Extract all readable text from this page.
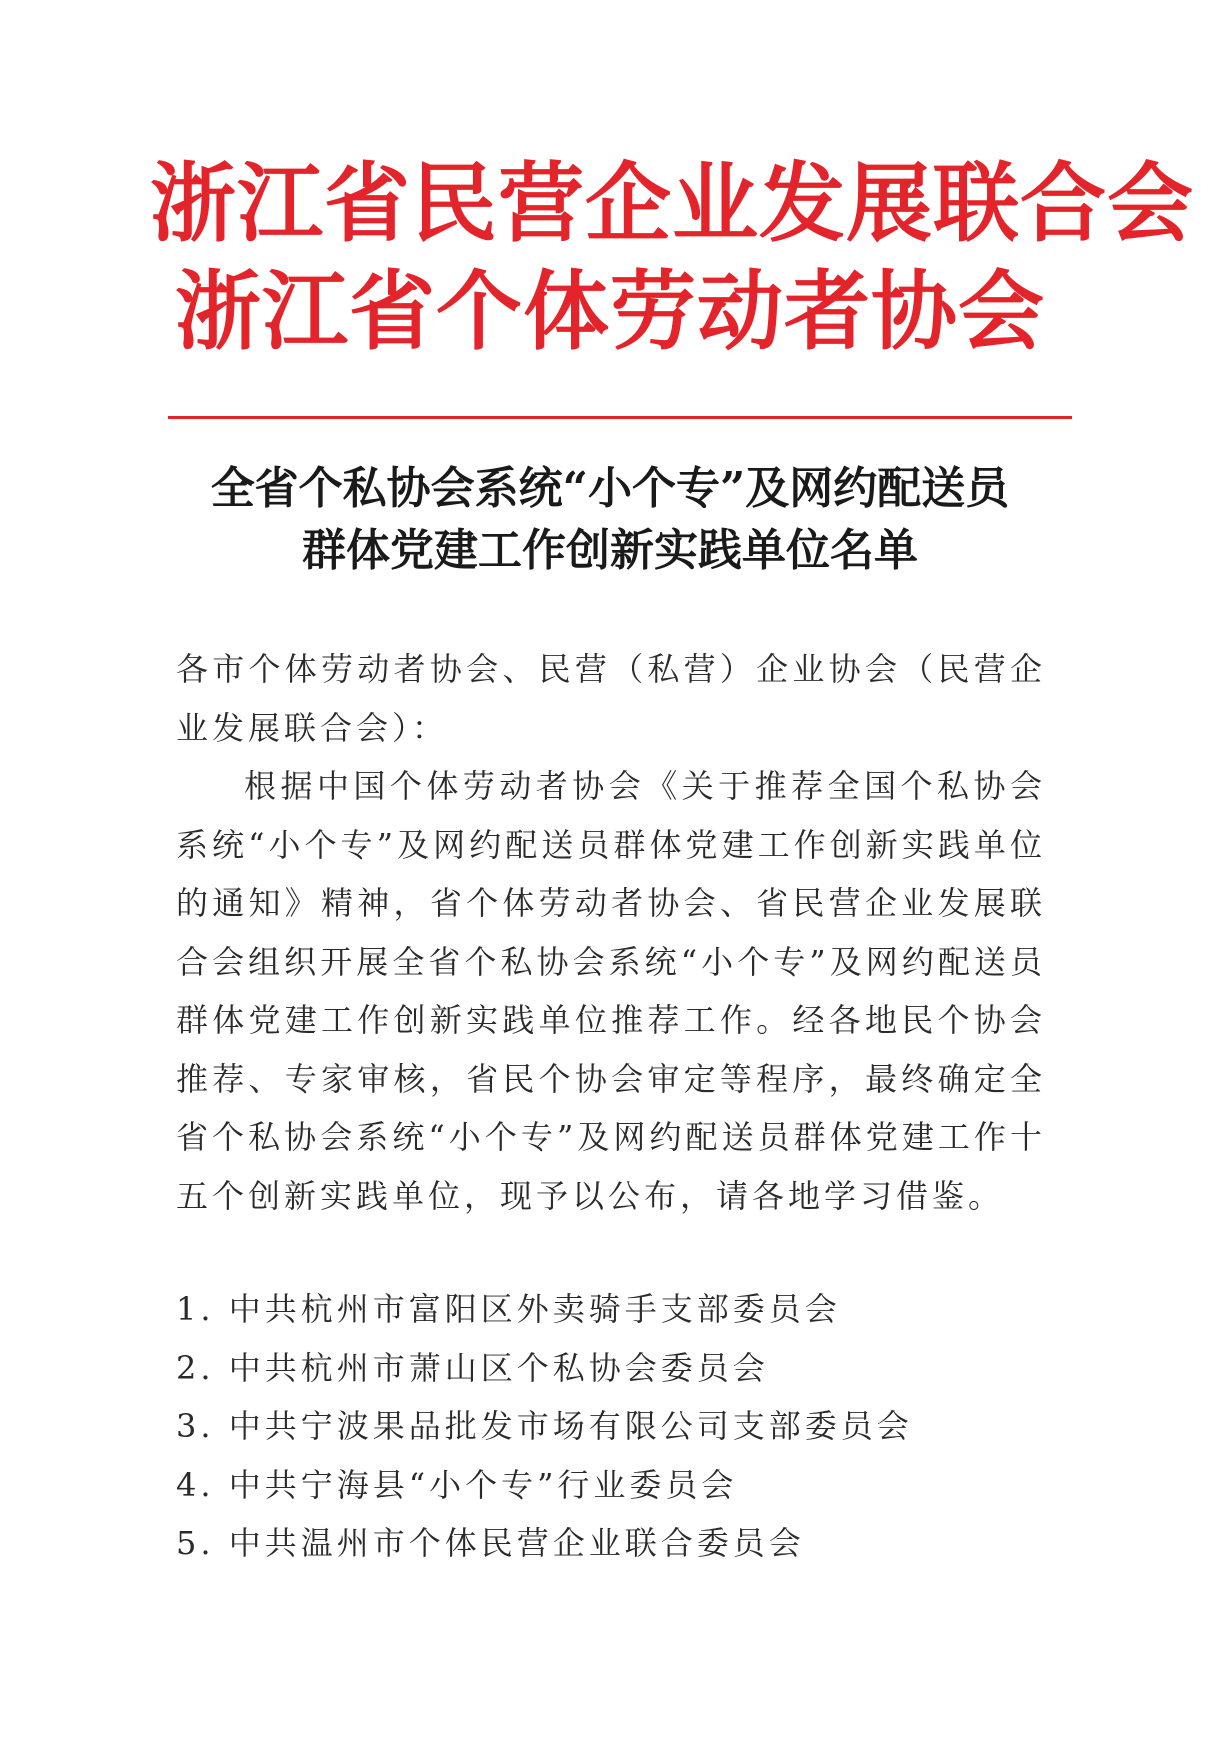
浙江省民营企业发展联合会
浙江省个体劳动者协会
全省个私协会系统“小个专”及网约配送员
群体党建工作创新实践单位名单

各市个体劳动者协会、民营（私营）企业协会（民营企业发展联合会）：

根据中国个体劳动者协会《关于推荐全国个私协会系统“小个专”及网约配送员群体党建工作创新实践单位的通知》精神，省个体劳动者协会、省民营企业发展联合会组织开展全省个私协会系统“小个专”及网约配送员群体党建工作创新实践单位推荐工作。经各地民个协会推荐、专家审核，省民个协会审定等程序，最终确定全省个私协会系统“小个专”及网约配送员群体党建工作十五个创新实践单位，现予以公布，请各地学习借鉴。

1. 中共杭州市富阳区外卖骑手支部委员会
2. 中共杭州市萧山区个私协会委员会
3. 中共宁波果品批发市场有限公司支部委员会
4. 中共宁海县“小个专”行业委员会
5. 中共温州市个体民营企业联合委员会
